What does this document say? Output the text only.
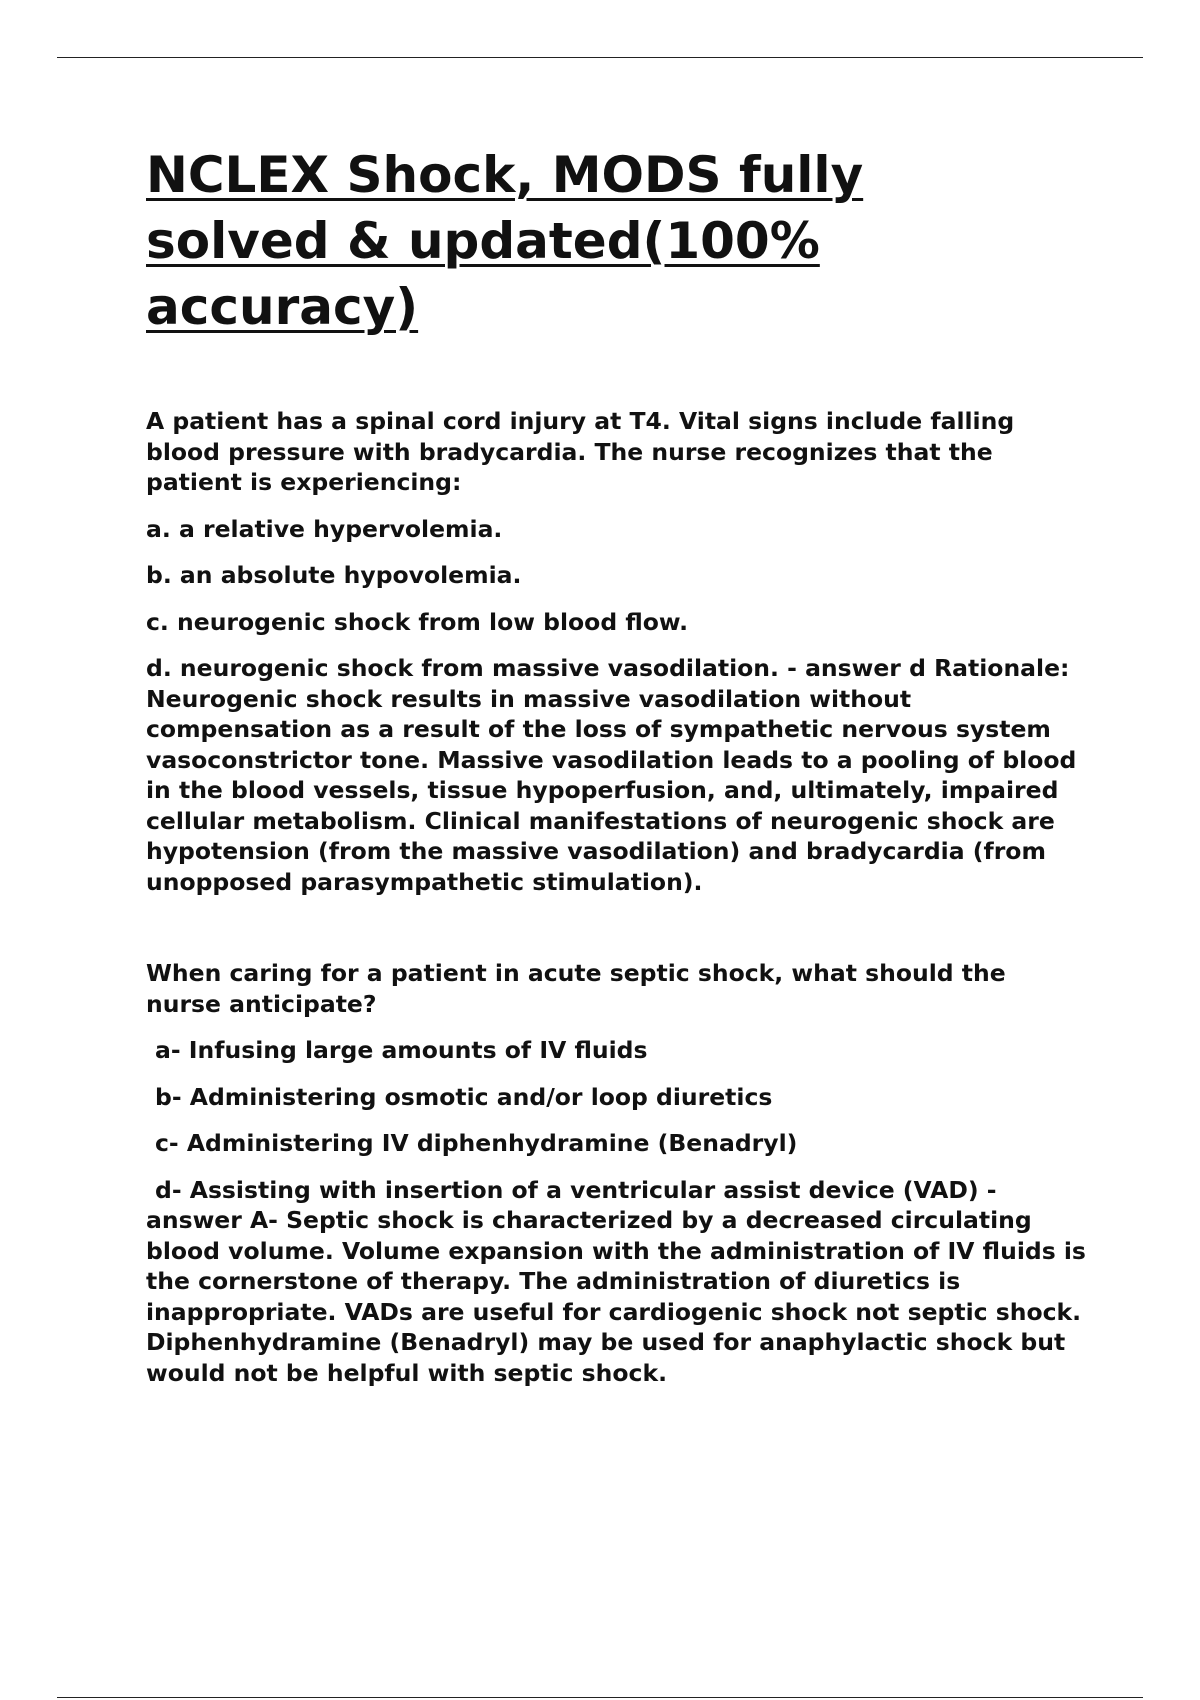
NCLEX Shock, MODS fully solved & updated(100% accuracy)

A patient has a spinal cord injury at T4. Vital signs include falling blood pressure with bradycardia. The nurse recognizes that the patient is experiencing:

a. a relative hypervolemia.

b. an absolute hypovolemia.

c. neurogenic shock from low blood flow.

d. neurogenic shock from massive vasodilation. - answer d Rationale: Neurogenic shock results in massive vasodilation without compensation as a result of the loss of sympathetic nervous system vasoconstrictor tone. Massive vasodilation leads to a pooling of blood in the blood vessels, tissue hypoperfusion, and, ultimately, impaired cellular metabolism. Clinical manifestations of neurogenic shock are hypotension (from the massive vasodilation) and bradycardia (from unopposed parasympathetic stimulation).

When caring for a patient in acute septic shock, what should the nurse anticipate?

a- Infusing large amounts of IV fluids

b- Administering osmotic and/or loop diuretics

c- Administering IV diphenhydramine (Benadryl)

d- Assisting with insertion of a ventricular assist device (VAD) - answer A- Septic shock is characterized by a decreased circulating blood volume. Volume expansion with the administration of IV fluids is the cornerstone of therapy. The administration of diuretics is inappropriate. VADs are useful for cardiogenic shock not septic shock. Diphenhydramine (Benadryl) may be used for anaphylactic shock but would not be helpful with septic shock.
